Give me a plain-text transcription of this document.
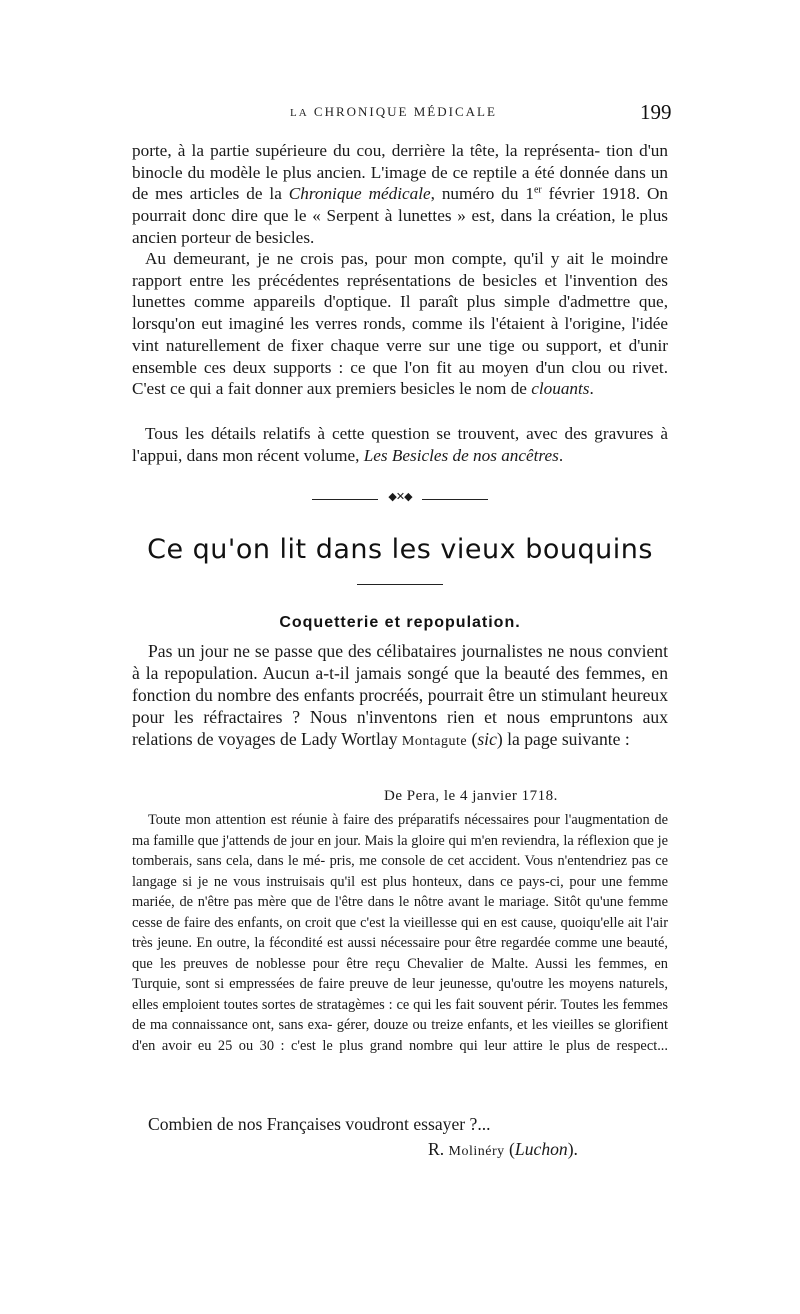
LA CHRONIQUE MÉDICALE	199

porte, à la partie supérieure du cou, derrière la tête, la représenta- tion d'un binocle du modèle le plus ancien. L'image de ce reptile a été donnée dans un de mes articles de la Chronique médicale, numéro du 1er février 1918. On pourrait donc dire que le « Serpent à lunettes » est, dans la création, le plus ancien porteur de besicles.

Au demeurant, je ne crois pas, pour mon compte, qu'il y ait le moindre rapport entre les précédentes représentations de besicles et l'invention des lunettes comme appareils d'optique. Il paraît plus simple d'admettre que, lorsqu'on eut imaginé les verres ronds, comme ils l'étaient à l'origine, l'idée vint naturellement de fixer chaque verre sur une tige ou support, et d'unir ensemble ces deux supports : ce que l'on fit au moyen d'un clou ou rivet. C'est ce qui a fait donner aux premiers besicles le nom de clouants.

Tous les détails relatifs à cette question se trouvent, avec des gravures à l'appui, dans mon récent volume, Les Besicles de nos ancêtres.

◆✕◆
Ce qu'on lit dans les vieux bouquins
Coquetterie et repopulation.

Pas un jour ne se passe que des célibataires journalistes ne nous convient à la repopulation. Aucun a-t-il jamais songé que la beauté des femmes, en fonction du nombre des enfants procréés, pourrait être un stimulant heureux pour les réfractaires ? Nous n'inventons rien et nous empruntons aux relations de voyages de Lady Wortlay Montagute (sic) la page suivante :

De Pera, le 4 janvier 1718.

Toute mon attention est réunie à faire des préparatifs nécessaires pour l'augmentation de ma famille que j'attends de jour en jour. Mais la gloire qui m'en reviendra, la réflexion que je tomberais, sans cela, dans le mé- pris, me console de cet accident. Vous n'entendriez pas ce langage si je ne vous instruisais qu'il est plus honteux, dans ce pays-ci, pour une femme mariée, de n'être pas mère que de l'être dans le nôtre avant le mariage. Sitôt qu'une femme cesse de faire des enfants, on croit que c'est la vieillesse qui en est cause, quoiqu'elle ait l'air très jeune. En outre, la fécondité est aussi nécessaire pour être regardée comme une beauté, que les preuves de noblesse pour être reçu Chevalier de Malte. Aussi les femmes, en Turquie, sont si empressées de faire preuve de leur jeunesse, qu'outre les moyens naturels, elles emploient toutes sortes de stratagèmes : ce qui les fait souvent périr. Toutes les femmes de ma connaissance ont, sans exa- gérer, douze ou treize enfants, et les vieilles se glorifient d'en avoir eu 25 ou 30 : c'est le plus grand nombre qui leur attire le plus de respect...

Combien de nos Françaises voudront essayer ?...
R. Molinéry (Luchon).
